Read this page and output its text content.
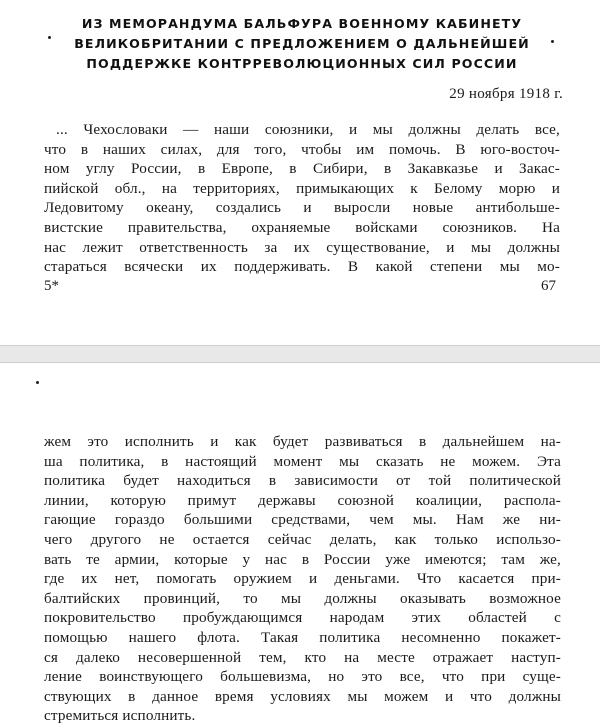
ИЗ МЕМОРАНДУМА БАЛЬФУРА ВОЕННОМУ КАБИНЕТУ
ВЕЛИКОБРИТАНИИ С ПРЕДЛОЖЕНИЕМ О ДАЛЬНЕЙШЕЙ
ПОДДЕРЖКЕ КОНТРРЕВОЛЮЦИОННЫХ СИЛ РОССИИ
29 ноября 1918 г.
... Чехословаки — наши союзники, и мы должны делать все,
что в наших силах, для того, чтобы им помочь. В юго-восточ-
ном углу России, в Европе, в Сибири, в Закавказье и Закас-
пийской обл., на территориях, примыкающих к Белому морю и
Ледовитому океану, создались и выросли новые антибольше-
вистские правительства, охраняемые войсками союзников. На
нас лежит ответственность за их существование, и мы должны
стараться всячески их поддерживать. В какой степени мы мо-
5*	67
жем это исполнить и как будет развиваться в дальнейшем на-
ша политика, в настоящий момент мы сказать не можем. Эта
политика будет находиться в зависимости от той политической
линии, которую примут державы союзной коалиции, распола-
гающие гораздо большими средствами, чем мы. Нам же ни-
чего другого не остается сейчас делать, как только использо-
вать те армии, которые у нас в России уже имеются; там же,
где их нет, помогать оружием и деньгами. Что касается при-
балтийских провинций, то мы должны оказывать возможное
покровительство пробуждающимся народам этих областей с
помощью нашего флота. Такая политика несомненно покажет-
ся далеко несовершенной тем, кто на месте отражает наступ-
ление воинствующего большевизма, но это все, что при суще-
ствующих в данное время условиях мы можем и что должны
стремиться исполнить.
